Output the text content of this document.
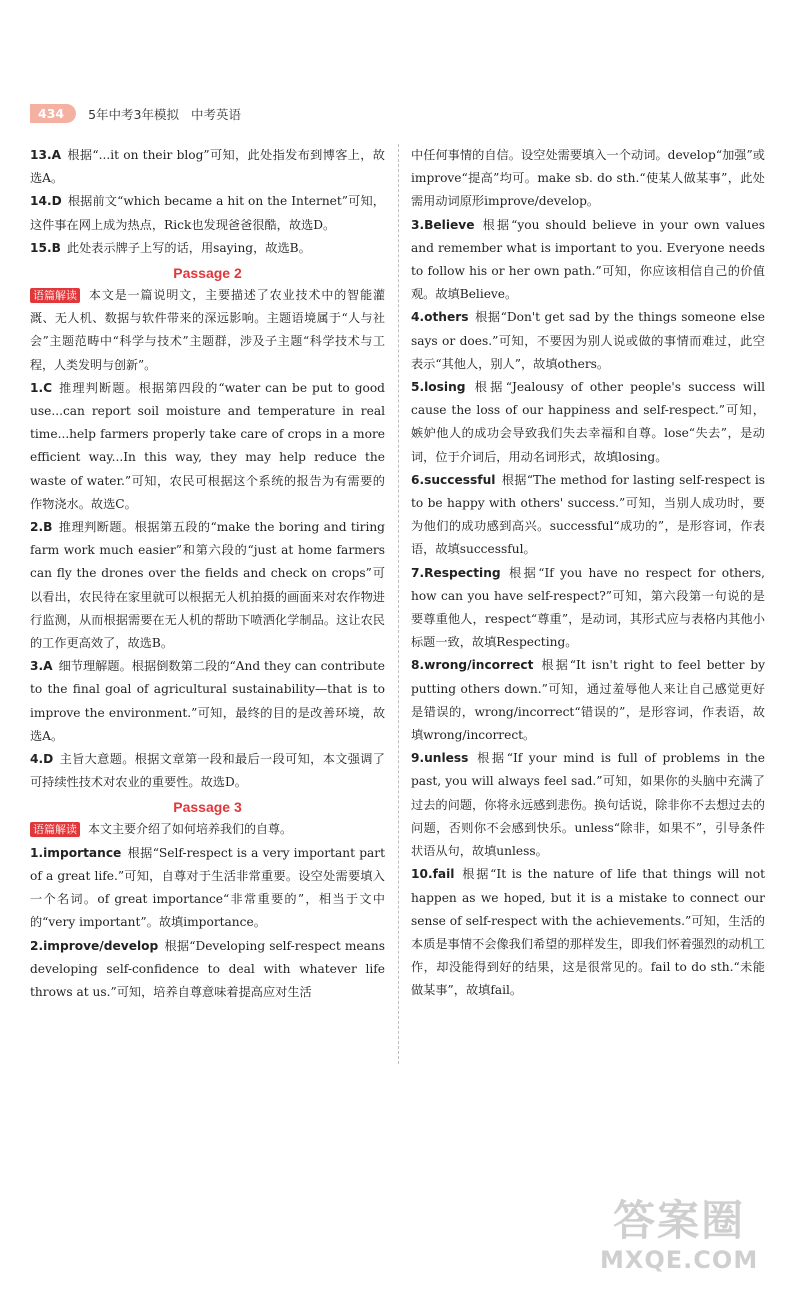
434	5年中考3年模拟 中考英语

13.A 根据“...it on their blog”可知，此处指发布到博客上，故选A。

14.D 根据前文“which became a hit on the Internet”可知，这件事在网上成为热点，Rick也发现爸爸很酷，故选D。

15.B 此处表示牌子上写的话，用saying，故选B。

Passage 2

语篇解读 本文是一篇说明文，主要描述了农业技术中的智能灌溉、无人机、数据与软件带来的深远影响。主题语境属于“人与社会”主题范畴中“科学与技术”主题群，涉及子主题“科学技术与工程，人类发明与创新”。

1.C 推理判断题。根据第四段的“water can be put to good use...can report soil moisture and temperature in real time...help farmers properly take care of crops in a more efficient way...In this way, they may help reduce the waste of water.”可知，农民可根据这个系统的报告为有需要的作物浇水。故选C。

2.B 推理判断题。根据第五段的“make the boring and tiring farm work much easier”和第六段的“just at home farmers can fly the drones over the fields and check on crops”可以看出，农民待在家里就可以根据无人机拍摄的画面来对农作物进行监测，从而根据需要在无人机的帮助下喷洒化学制品。这让农民的工作更高效了，故选B。

3.A 细节理解题。根据倒数第二段的“And they can contribute to the final goal of agricultural sustainability—that is to improve the environment.”可知，最终的目的是改善环境，故选A。

4.D 主旨大意题。根据文章第一段和最后一段可知，本文强调了可持续性技术对农业的重要性。故选D。

Passage 3

语篇解读 本文主要介绍了如何培养我们的自尊。

1.importance 根据“Self-respect is a very important part of a great life.”可知，自尊对于生活非常重要。设空处需要填入一个名词。of great importance“非常重要的”，相当于文中的“very important”。故填importance。

2.improve/develop 根据“Developing self-respect means developing self-confidence to deal with whatever life throws at us.”可知，培养自尊意味着提高应对生活

中任何事情的自信。设空处需要填入一个动词。develop“加强”或improve“提高”均可。make sb. do sth.“使某人做某事”，此处需用动词原形improve/develop。

3.Believe 根据“you should believe in your own values and remember what is important to you. Everyone needs to follow his or her own path.”可知，你应该相信自己的价值观。故填Believe。

4.others 根据“Don't get sad by the things someone else says or does.”可知，不要因为别人说或做的事情而难过，此空表示“其他人，别人”，故填others。

5.losing 根据“Jealousy of other people's success will cause the loss of our happiness and self-respect.”可知，嫉妒他人的成功会导致我们失去幸福和自尊。lose“失去”，是动词，位于介词后，用动名词形式，故填losing。

6.successful 根据“The method for lasting self-respect is to be happy with others' success.”可知，当别人成功时，要为他们的成功感到高兴。successful“成功的”，是形容词，作表语，故填successful。

7.Respecting 根据“If you have no respect for others, how can you have self-respect?”可知，第六段第一句说的是要尊重他人，respect“尊重”，是动词，其形式应与表格内其他小标题一致，故填Respecting。

8.wrong/incorrect 根据“It isn't right to feel better by putting others down.”可知，通过羞辱他人来让自己感觉更好是错误的，wrong/incorrect“错误的”，是形容词，作表语，故填wrong/incorrect。

9.unless 根据“If your mind is full of problems in the past, you will always feel sad.”可知，如果你的头脑中充满了过去的问题，你将永远感到悲伤。换句话说，除非你不去想过去的问题，否则你不会感到快乐。unless“除非，如果不”，引导条件状语从句，故填unless。

10.fail 根据“It is the nature of life that things will not happen as we hoped, but it is a mistake to connect our sense of self-respect with the achievements.”可知，生活的本质是事情不会像我们希望的那样发生，即我们怀着强烈的动机工作，却没能得到好的结果，这是很常见的。fail to do sth.“未能做某事”，故填fail。

答案圈
MXQE.COM
